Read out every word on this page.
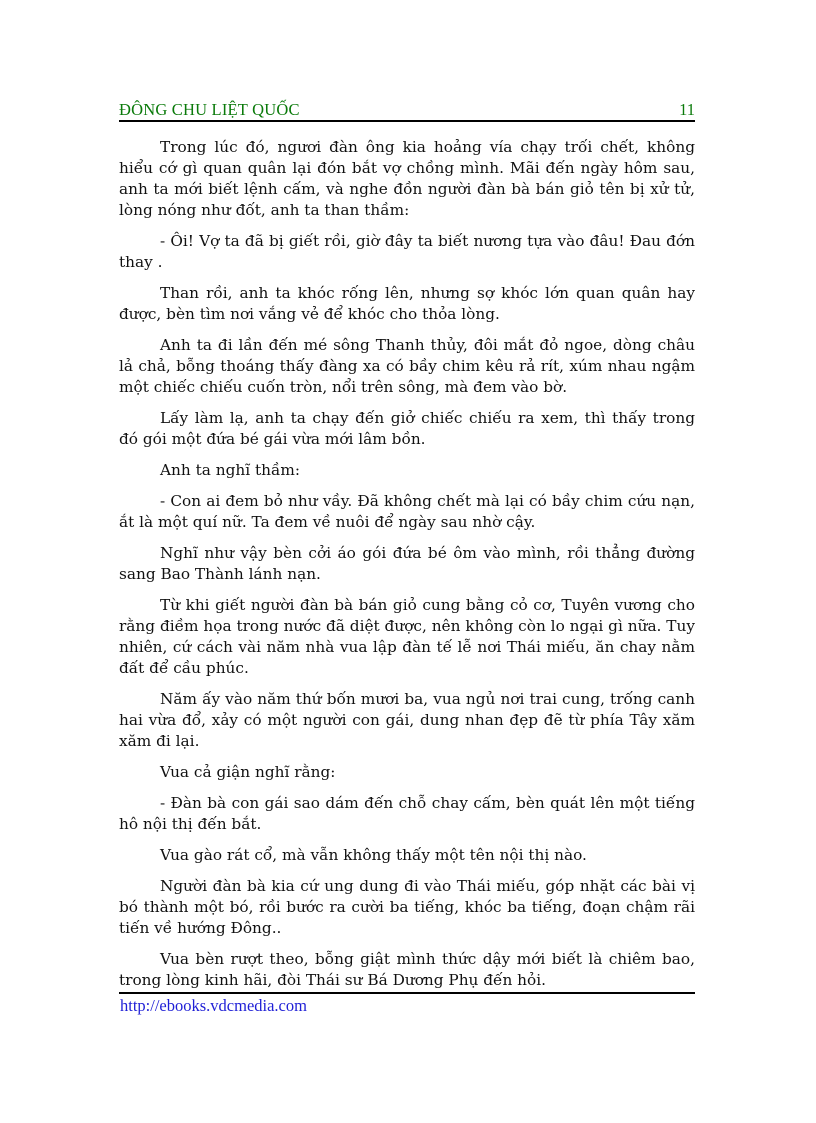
ĐÔNG CHU LIỆT QUỐC	11

Trong lúc đó, ngươi đàn ông kia hoảng vía chạy trối chết, không hiểu cớ gì quan quân lại đón bắt vợ chồng mình. Mãi đến ngày hôm sau, anh ta mới biết lệnh cấm, và nghe đồn người đàn bà bán giỏ tên bị xử tử, lòng nóng như đốt, anh ta than thầm:

- Ôi! Vợ ta đã bị giết rồi, giờ đây ta biết nương tựa vào đâu! Đau đớn thay .

Than rồi, anh ta khóc rống lên, nhưng sợ khóc lớn quan quân hay được, bèn tìm nơi vắng vẻ để khóc cho thỏa lòng.

Anh ta đi lần đến mé sông Thanh thủy, đôi mắt đỏ ngoe, dòng châu lả chả, bỗng thoáng thấy đàng xa có bầy chim kêu rả rít, xúm nhau ngậm một chiếc chiếu cuốn tròn, nổi trên sông, mà đem vào bờ.

Lấy làm lạ, anh ta chạy đến giở chiếc chiếu ra xem, thì thấy trong đó gói một đứa bé gái vừa mới lâm bồn.

Anh ta nghĩ thầm:

- Con ai đem bỏ như vầy. Đã không chết mà lại có bầy chim cứu nạn, ắt là một quí nữ. Ta đem về nuôi để ngày sau nhờ cậy.

Nghĩ như vậy bèn cởi áo gói đứa bé ôm vào mình, rồi thẳng đường sang Bao Thành lánh nạn.

Từ khi giết người đàn bà bán giỏ cung bằng cỏ cơ, Tuyên vương cho rằng điềm họa trong nước đã diệt được, nên không còn lo ngại gì nữa. Tuy nhiên, cứ cách vài năm nhà vua lập đàn tế lễ nơi Thái miếu, ăn chay nằm đất để cầu phúc.

Năm ấy vào năm thứ bốn mươi ba, vua ngủ nơi trai cung, trống canh hai vừa đổ, xảy có một người con gái, dung nhan đẹp đẽ từ phía Tây xăm xăm đi lại.

Vua cả giận nghĩ rằng:

- Đàn bà con gái sao dám đến chỗ chay cấm, bèn quát lên một tiếng hô nội thị đến bắt.

Vua gào rát cổ, mà vẫn không thấy một tên nội thị nào.

Người đàn bà kia cứ ung dung đi vào Thái miếu, góp nhặt các bài vị bó thành một bó, rồi bước ra cười ba tiếng, khóc ba tiếng, đoạn chậm rãi tiến về hướng Đông..

Vua bèn rượt theo, bỗng giật mình thức dậy mới biết là chiêm bao, trong lòng kinh hãi, đòi Thái sư Bá Dương Phụ đến hỏi.

http://ebooks.vdcmedia.com
